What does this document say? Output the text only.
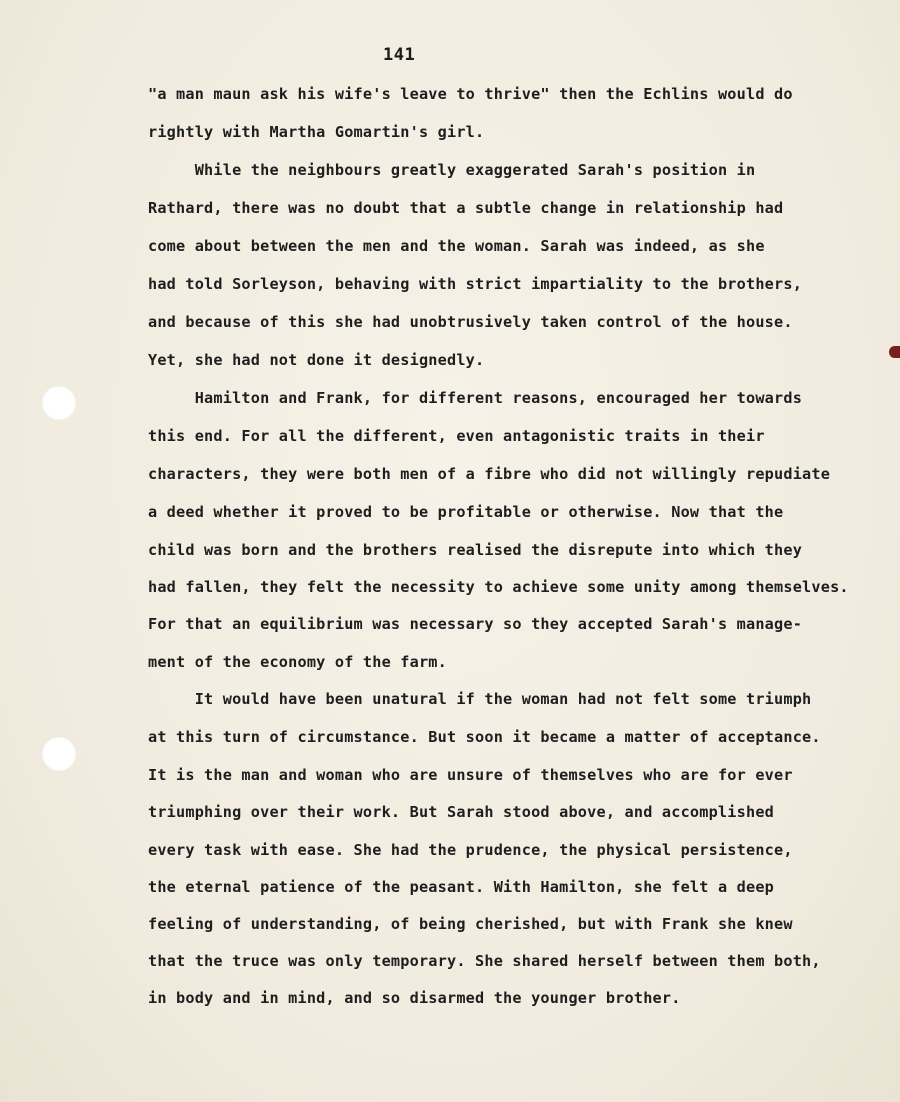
141
"a man maun ask his wife's leave to thrive" then the Echlins would do
rightly with Martha Gomartin's girl.
While the neighbours greatly exaggerated Sarah's position in
Rathard, there was no doubt that a subtle change in relationship had
come about between the men and the woman. Sarah was indeed, as she
had told Sorleyson, behaving with strict impartiality to the brothers,
and because of this she had unobtrusively taken control of the house.
Yet, she had not done it designedly.
Hamilton and Frank, for different reasons, encouraged her towards
this end. For all the different, even antagonistic traits in their
characters, they were both men of a fibre who did not willingly repudiate
a deed whether it proved to be profitable or otherwise. Now that the
child was born and the brothers realised the disrepute into which they
had fallen, they felt the necessity to achieve some unity among themselves.
For that an equilibrium was necessary so they accepted Sarah's manage-
ment of the economy of the farm.
It would have been unatural if the woman had not felt some triumph
at this turn of circumstance. But soon it became a matter of acceptance.
It is the man and woman who are unsure of themselves who are for ever
triumphing over their work. But Sarah stood above, and accomplished
every task with ease. She had the prudence, the physical persistence,
the eternal patience of the peasant. With Hamilton, she felt a deep
feeling of understanding, of being cherished, but with Frank she knew
that the truce was only temporary. She shared herself between them both,
in body and in mind, and so disarmed the younger brother.
